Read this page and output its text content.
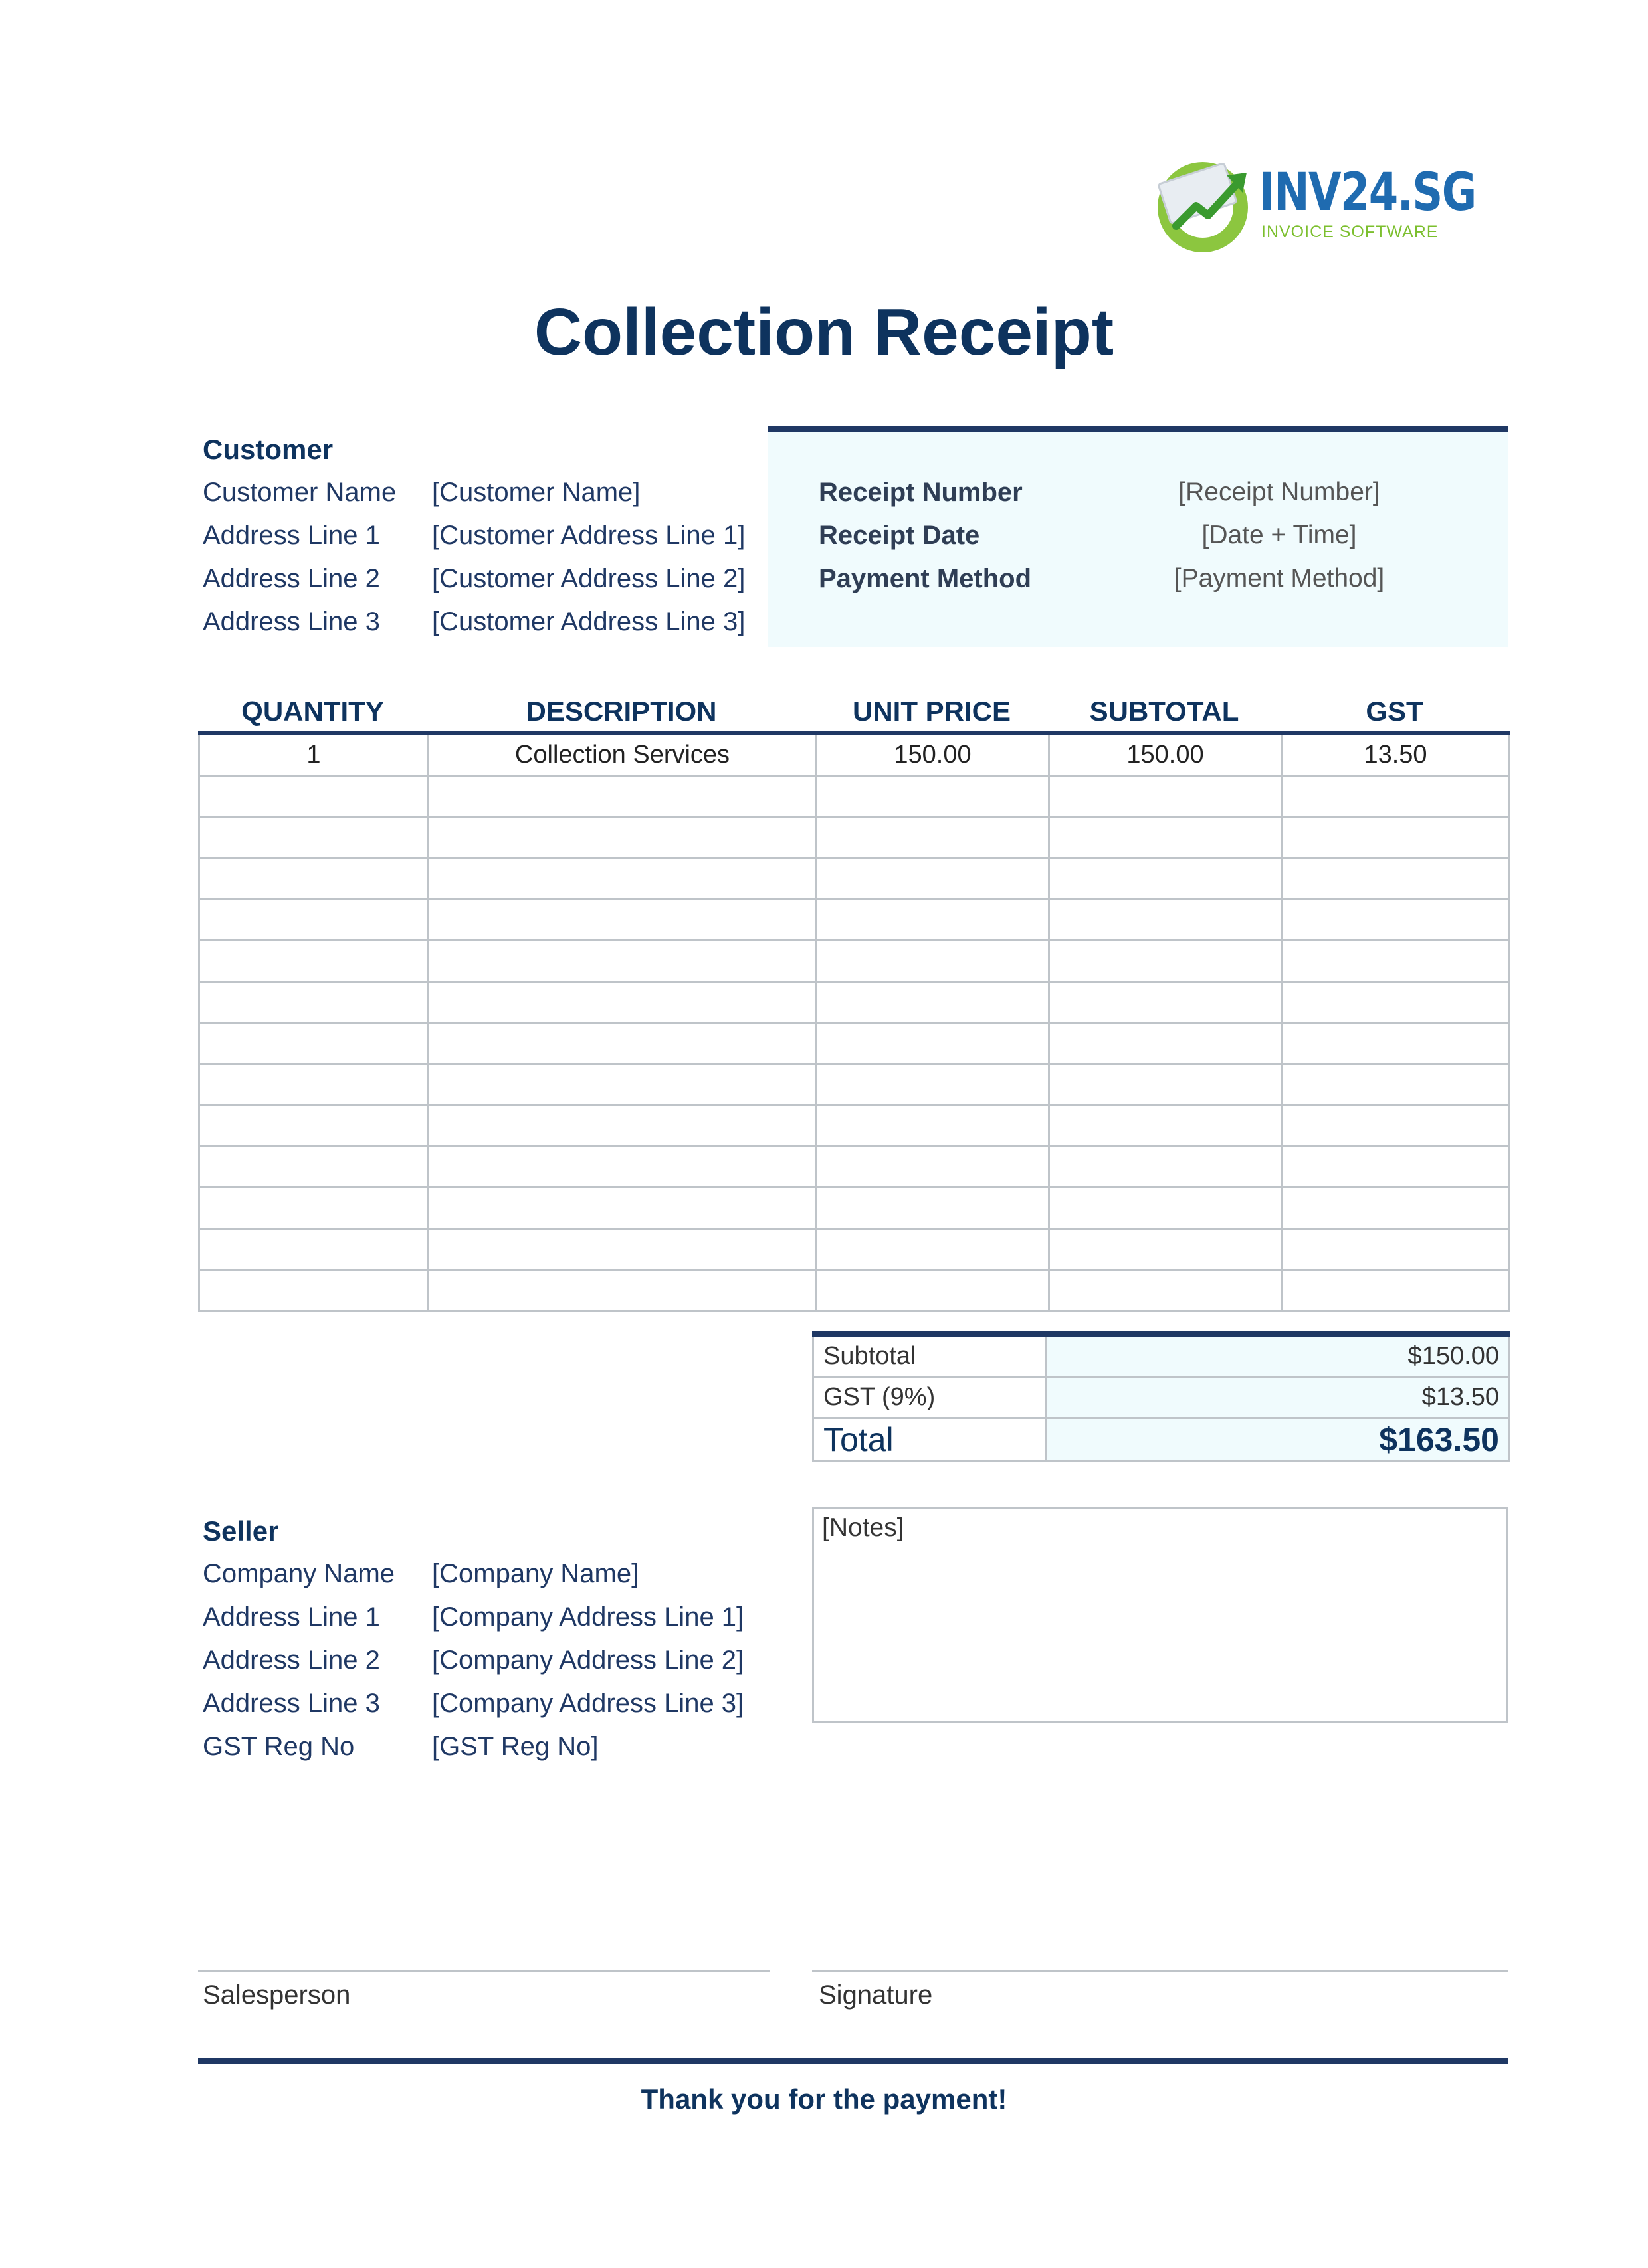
INV24.SG
INVOICE SOFTWARE
Collection Receipt
Customer
Customer Name [Customer Name]
Address Line 1 [Customer Address Line 1]
Address Line 2 [Customer Address Line 2]
Address Line 3 [Customer Address Line 3]
Receipt Number	[Receipt Number]
Receipt Date	[Date + Time]
Payment Method	[Payment Method]
QUANTITY	DESCRIPTION	UNIT PRICE	SUBTOTAL	GST
1	Collection Services	150.00	150.00	13.50

Subtotal	$150.00
GST (9%)	$13.50
Total	$163.50
Seller
Company Name [Company Name]
Address Line 1 [Company Address Line 1]
Address Line 2 [Company Address Line 2]
Address Line 3 [Company Address Line 3]
GST Reg No	[GST Reg No]
[Notes]
Salesperson	Signature
Thank you for the payment!
